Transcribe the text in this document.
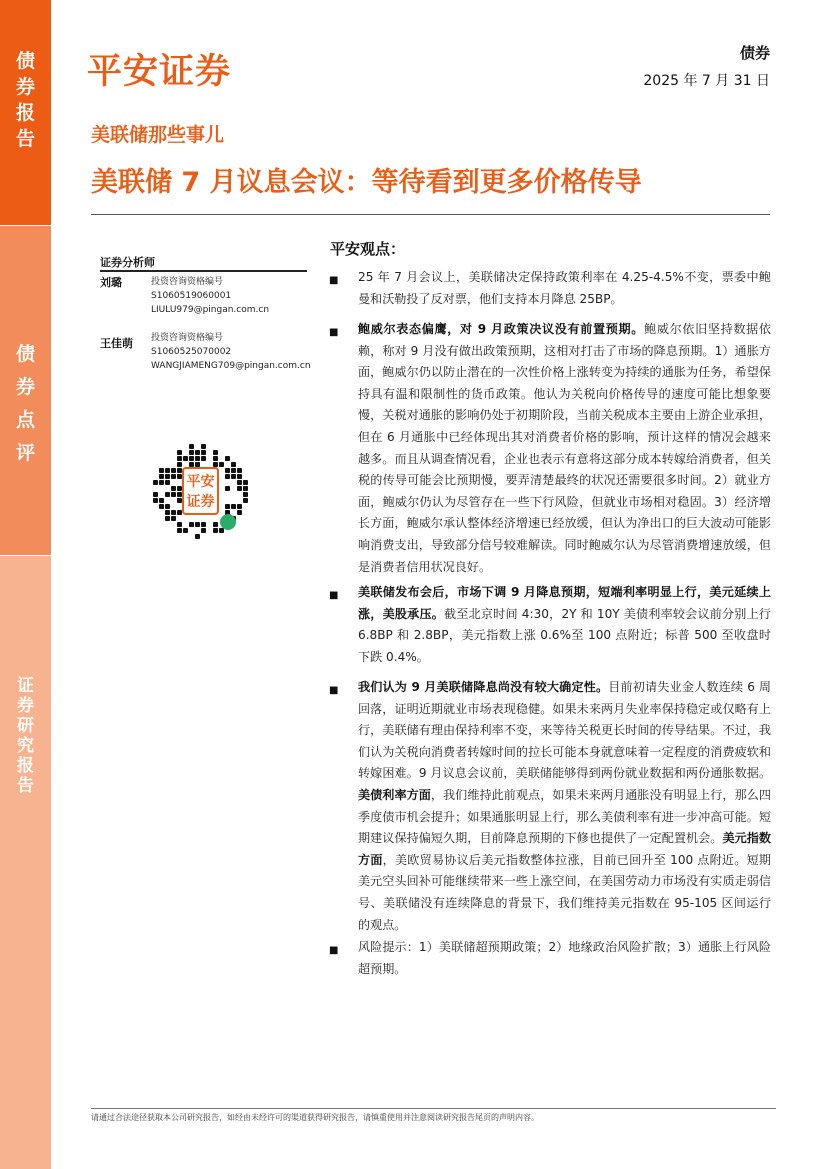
债券报告
债券点评
证券研究报告
平安证券	债券
2025 年 7 月 31 日
美联储那些事儿
美联储 7 月议息会议：等待看到更多价格传导
证券分析师
刘璐	投资咨询资格编号
S1060519060001
LIULU979@pingan.com.cn
王佳萌 投资咨询资格编号
S1060525070002
WANGJIAMENG709@pingan.com.cn
平安证券
平安观点：
■ 25 年 7 月会议上，美联储决定保持政策利率在 4.25-4.5%不变，票委中鲍曼和沃勒投了反对票，他们支持本月降息 25BP。
■ 鲍威尔表态偏鹰，对 9 月政策决议没有前置预期。鲍威尔依旧坚持数据依赖，称对 9 月没有做出政策预期，这相对打击了市场的降息预期。1）通胀方面，鲍威尔仍以防止潜在的一次性价格上涨转变为持续的通胀为任务，希望保持具有温和限制性的货币政策。他认为关税向价格传导的速度可能比想象要慢，关税对通胀的影响仍处于初期阶段，当前关税成本主要由上游企业承担，但在 6 月通胀中已经体现出其对消费者价格的影响，预计这样的情况会越来越多。而且从调查情况看，企业也表示有意将这部分成本转嫁给消费者，但关税的传导可能会比预期慢，要弄清楚最终的状况还需要很多时间。2）就业方面，鲍威尔仍认为尽管存在一些下行风险，但就业市场相对稳固。3）经济增长方面，鲍威尔承认整体经济增速已经放缓，但认为净出口的巨大波动可能影响消费支出，导致部分信号较难解读。同时鲍威尔认为尽管消费增速放缓，但是消费者信用状况良好。
■ 美联储发布会后，市场下调 9 月降息预期，短端利率明显上行，美元延续上涨，美股承压。截至北京时间 4:30，2Y 和 10Y 美债利率较会议前分别上行 6.8BP 和 2.8BP，美元指数上涨 0.6%至 100 点附近；标普 500 至收盘时下跌 0.4%。
■ 我们认为 9 月美联储降息尚没有较大确定性。目前初请失业金人数连续 6 周回落，证明近期就业市场表现稳健。如果未来两月失业率保持稳定或仅略有上行，美联储有理由保持利率不变，来等待关税更长时间的传导结果。不过，我们认为关税向消费者转嫁时间的拉长可能本身就意味着一定程度的消费疲软和转嫁困难。9 月议息会议前，美联储能够得到两份就业数据和两份通胀数据。美债利率方面，我们维持此前观点，如果未来两月通胀没有明显上行，那么四季度债市机会提升；如果通胀明显上行，那么美债利率有进一步冲高可能。短期建议保持偏短久期，目前降息预期的下修也提供了一定配置机会。美元指数方面，美欧贸易协议后美元指数整体拉涨，目前已回升至 100 点附近。短期美元空头回补可能继续带来一些上涨空间，在美国劳动力市场没有实质走弱信号、美联储没有连续降息的背景下，我们维持美元指数在 95-105 区间运行的观点。
■ 风险提示：1）美联储超预期政策；2）地缘政治风险扩散；3）通胀上行风险超预期。
请通过合法途径获取本公司研究报告，如经由未经许可的渠道获得研究报告，请慎重使用并注意阅读研究报告尾页的声明内容。
